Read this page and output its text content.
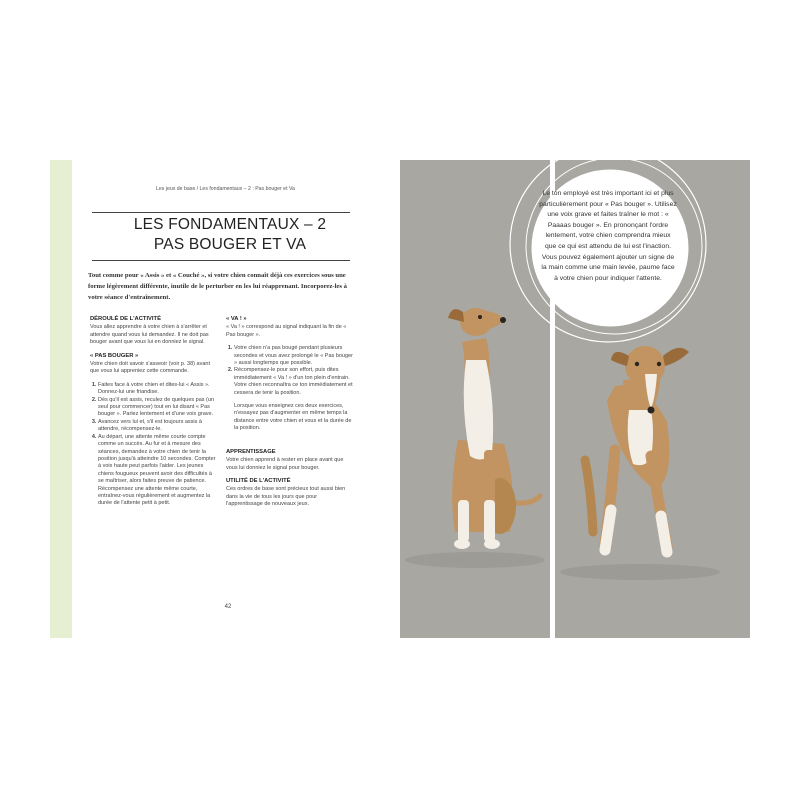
Les jeux de base / Les fondamentaux – 2 : Pas bouger et Va
LES FONDAMENTAUX – 2
PAS BOUGER ET VA

Tout comme pour « Assis » et « Couché », si votre chien connaît déjà ces exercices sous une forme légèrement différente, inutile de le perturber en les lui réapprenant. Incorporez-les à votre séance d'entraînement.

DÉROULÉ DE L'ACTIVITÉ

Vous allez apprendre à votre chien à s'arrêter et attendre quand vous lui demandez. Il ne doit pas bouger avant que vous lui en donniez le signal.

« PAS BOUGER »

Votre chien doit savoir s'asseoir (voir p. 38) avant que vous lui appreniez cette commande.

1. Faites face à votre chien et dites-lui « Assis ». Donnez-lui une friandise.
2. Dès qu'il est assis, reculez de quelques pas (un seul pour commencer) tout en lui disant « Pas bouger ». Parlez lentement et d'une voix grave.
3. Avancez vers lui et, s'il est toujours assis à attendre, récompensez-le.
4. Au départ, une attente même courte compte comme un succès. Au fur et à mesure des séances, demandez à votre chien de tenir la position jusqu'à atteindre 10 secondes. Compter à voix haute peut parfois l'aider. Les jeunes chiens fougueux peuvent avoir des difficultés à se maîtriser, alors faites preuve de patience. Récompensez une attente même courte, entraînez-vous régulièrement et augmentez la durée de l'attente petit à petit.
« VA ! »

« Va ! » correspond au signal indiquant la fin de « Pas bouger ».

1. Votre chien n'a pas bougé pendant plusieurs secondes et vous avez prolongé le « Pas bouger » aussi longtemps que possible.
2. Récompensez-le pour son effort, puis dites immédiatement « Va ! » d'un ton plein d'entrain. Votre chien reconnaîtra ce ton immédiatement et cessera de tenir la position.

Lorsque vous enseignez ces deux exercices, n'essayez pas d'augmenter en même temps la distance entre votre chien et vous et la durée de la position.

APPRENTISSAGE

Votre chien apprend à rester en place avant que vous lui donniez le signal pour bouger.

UTILITÉ DE L'ACTIVITÉ

Ces ordres de base sont précieux tout aussi bien dans la vie de tous les jours que pour l'apprentissage de nouveaux jeux.

42

Le ton employé est très important ici et plus particulièrement pour « Pas bouger ». Utilisez une voix grave et faites traîner le mot : « Paaaas bouger ». En prononçant l'ordre lentement, votre chien comprendra mieux que ce qui est attendu de lui est l'inaction. Vous pouvez également ajouter un signe de la main comme une main levée, paume face à votre chien pour indiquer l'attente.
